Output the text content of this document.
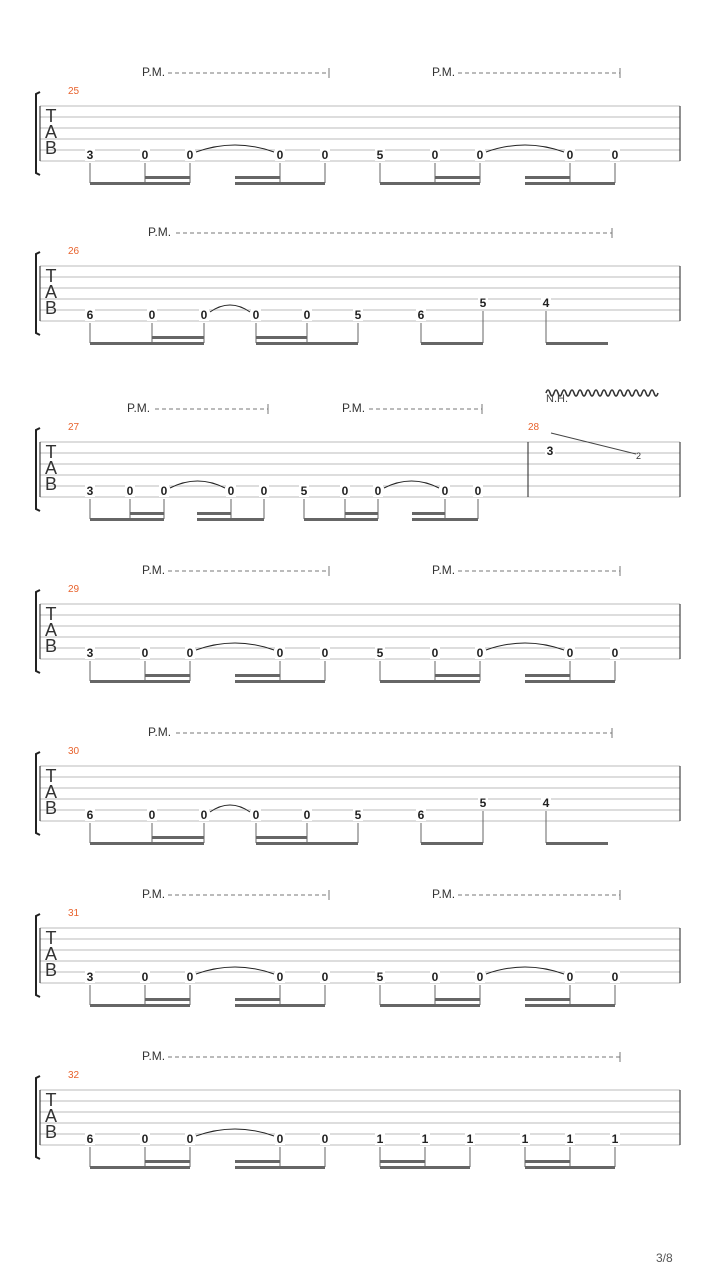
T
A
B
25
3	0	0	0	0	5	0	0	0	0
P.M.	P.M.
T
A
B
26
6	0	0	0	0	5	6
5	4
P.M.
T
A
B
27	28
3	0 0	0 0	5	0 0	0 0
P.M.	P.M.
3	2
N.H.
T
A
B
29
3	0	0	0	0	5	0	0	0	0
P.M.	P.M.
T
A
B
30
6	0	0	0	0	5	6
5	4
P.M.
T
A
B
31
3	0	0	0	0	5	0	0	0	0
P.M.	P.M.
T
A
B
32
6	0	0	0	0	1	1	1	1	1	1
P.M.
3/8
